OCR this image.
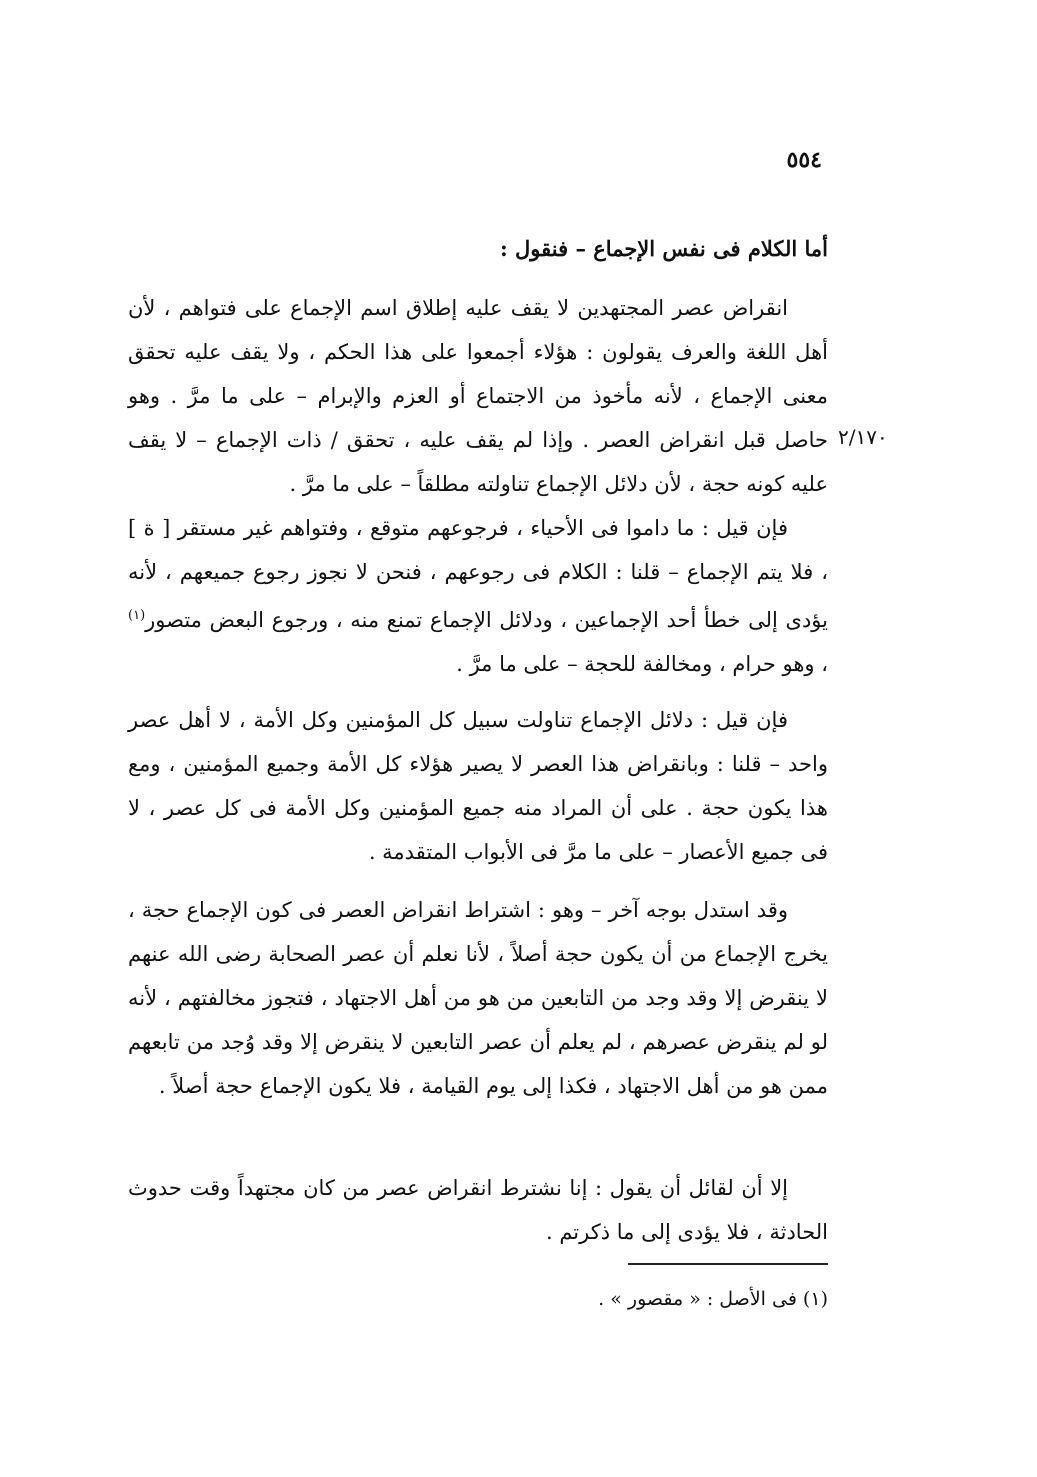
٥٥٤
أما الكلام فى نفس الإجماع – فنقول :
٢/١٧٠

انقراض عصر المجتهدين لا يقف عليه إطلاق اسم الإجماع على فتواهم ، لأن أهل اللغة والعرف يقولون : هؤلاء أجمعوا على هذا الحكم ، ولا يقف عليه تحقق معنى الإجماع ، لأنه مأخوذ من الاجتماع أو العزم والإبرام – على ما مرَّ . وهو حاصل قبل انقراض العصر . وإذا لم يقف عليه ، تحقق / ذات الإجماع – لا يقف عليه كونه حجة ، لأن دلائل الإجماع تناولته مطلقاً – على ما مرَّ .

فإن قيل : ما داموا فى الأحياء ، فرجوعهم متوقع ، وفتواهم غير مستقر [ ة ] ، فلا يتم الإجماع – قلنا : الكلام فى رجوعهم ، فنحن لا نجوز رجوع جميعهم ، لأنه يؤدى إلى خطأ أحد الإجماعين ، ودلائل الإجماع تمنع منه ، ورجوع البعض متصور$^{(١)}$ ، وهو حرام ، ومخالفة للحجة – على ما مرَّ .

فإن قيل : دلائل الإجماع تناولت سبيل كل المؤمنين وكل الأمة ، لا أهل عصر واحد – قلنا : وبانقراض هذا العصر لا يصير هؤلاء كل الأمة وجميع المؤمنين ، ومع هذا يكون حجة . على أن المراد منه جميع المؤمنين وكل الأمة فى كل عصر ، لا فى جميع الأعصار – على ما مرَّ فى الأبواب المتقدمة .

وقد استدل بوجه آخر – وهو : اشتراط انقراض العصر فى كون الإجماع حجة ، يخرج الإجماع من أن يكون حجة أصلاً ، لأنا نعلم أن عصر الصحابة رضى الله عنهم لا ينقرض إلا وقد وجد من التابعين من هو من أهل الاجتهاد ، فتجوز مخالفتهم ، لأنه لو لم ينقرض عصرهم ، لم يعلم أن عصر التابعين لا ينقرض إلا وقد وُجد من تابعهم ممن هو من أهل الاجتهاد ، فكذا إلى يوم القيامة ، فلا يكون الإجماع حجة أصلاً .

إلا أن لقائل أن يقول : إنا نشترط انقراض عصر من كان مجتهداً وقت حدوث الحادثة ، فلا يؤدى إلى ما ذكرتم .

(١) فى الأصل : « مقصور » .
